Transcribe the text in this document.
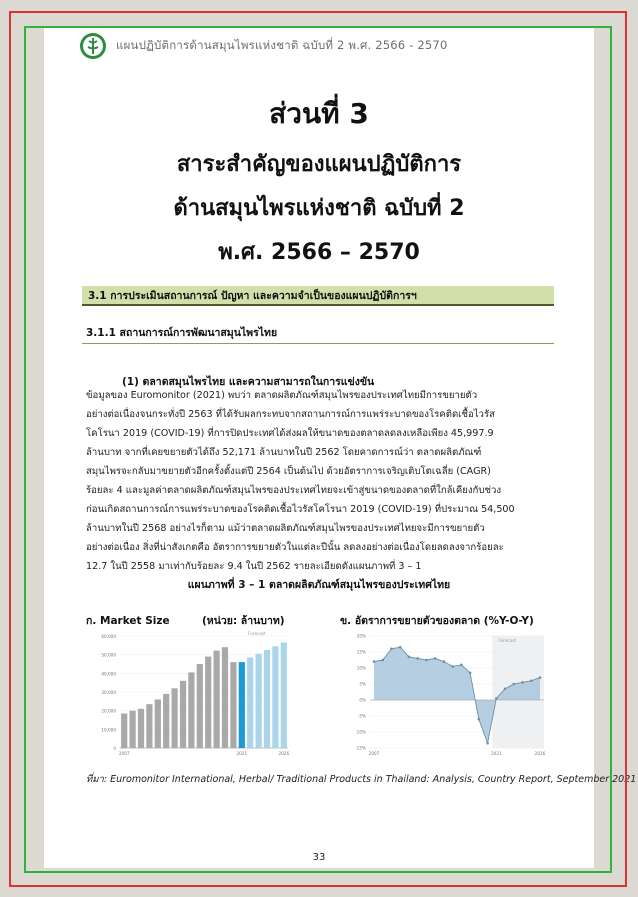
แผนปฏิบัติการด้านสมุนไพรแห่งชาติ ฉบับที่ 2 พ.ศ. 2566 - 2570
ส่วนที่ 3
สาระสำคัญของแผนปฏิบัติการ
ด้านสมุนไพรแห่งชาติ ฉบับที่ 2
พ.ศ. 2566 – 2570
3.1 การประเมินสถานการณ์ ปัญหา และความจำเป็นของแผนปฏิบัติการฯ
3.1.1 สถานการณ์การพัฒนาสมุนไพรไทย
(1) ตลาดสมุนไพรไทย และความสามารถในการแข่งขัน
ข้อมูลของ Euromonitor (2021) พบว่า ตลาดผลิตภัณฑ์สมุนไพรของประเทศไทยมีการขยายตัว
อย่างต่อเนื่องจนกระทั่งปี 2563 ที่ได้รับผลกระทบจากสถานการณ์การแพร่ระบาดของโรคติดเชื้อไวรัส
โคโรนา 2019 (COVID-19) ที่การปิดประเทศได้ส่งผลให้ขนาดของตลาดลดลงเหลือเพียง 45,997.9
ล้านบาท จากที่เคยขยายตัวได้ถึง 52,171 ล้านบาทในปี 2562 โดยคาดการณ์ว่า ตลาดผลิตภัณฑ์
สมุนไพรจะกลับมาขยายตัวอีกครั้งตั้งแต่ปี 2564 เป็นต้นไป ด้วยอัตราการเจริญเติบโตเฉลี่ย (CAGR)
ร้อยละ 4 และมูลค่าตลาดผลิตภัณฑ์สมุนไพรของประเทศไทยจะเข้าสู่ขนาดของตลาดที่ใกล้เคียงกับช่วง
ก่อนเกิดสถานการณ์การแพร่ระบาดของโรคติดเชื้อไวรัสโคโรนา 2019 (COVID-19) ที่ประมาณ 54,500
ล้านบาทในปี 2568 อย่างไรก็ตาม แม้ว่าตลาดผลิตภัณฑ์สมุนไพรของประเทศไทยจะมีการขยายตัว
อย่างต่อเนื่อง สิ่งที่น่าสังเกตคือ อัตราการขยายตัวในแต่ละปีนั้น ลดลงอย่างต่อเนื่องโดยลดลงจากร้อยละ
12.7 ในปี 2558 มาเท่ากับร้อยละ 9.4 ในปี 2562 รายละเอียดดังแผนภาพที่ 3 – 1
แผนภาพที่ 3 – 1 ตลาดผลิตภัณฑ์สมุนไพรของประเทศไทย
ก. Market Size	(หน่วย: ล้านบาท)	ข. อัตราการขยายตัวของตลาด (%Y-O-Y)
0
10,000
20,000
30,000
40,000
50,000
60,000
Forecast
2007	2021	2026
20%
15%
10%
5%
0%
-5%
-10%
-15%
Forecast
2007	2021	2026
ที่มา: Euromonitor International, Herbal/ Traditional Products in Thailand: Analysis, Country Report, September 2021
33
